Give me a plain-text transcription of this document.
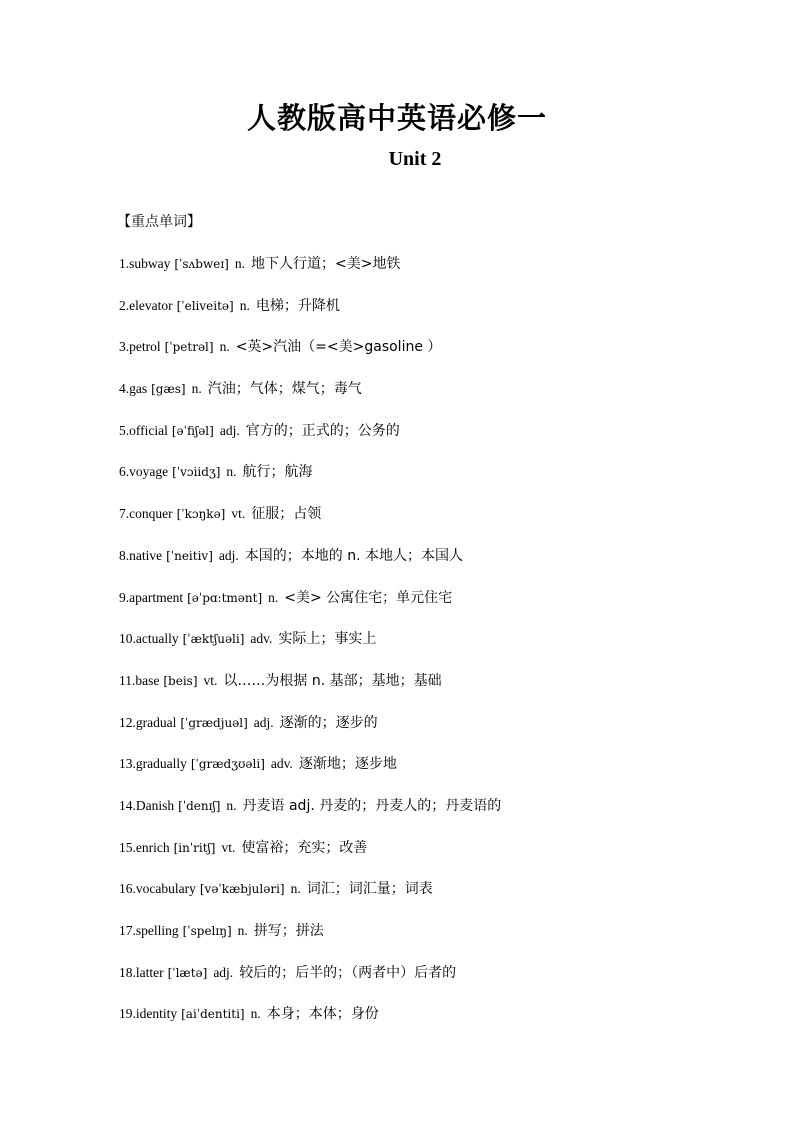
人教版高中英语必修一
Unit 2
【重点单词】
1.subway [ˈsʌbweɪ] n. 地下人行道；<美>地铁
2.elevator [ˈeliveitə] n. 电梯；升降机
3.petrol [ˈpetrəl] n. <英>汽油（=<美>gasoline ）
4.gas [gæs] n. 汽油；气体；煤气；毒气
5.official [əˈfiʃəl] adj. 官方的；正式的；公务的
6.voyage [ˈvɔiidʒ] n. 航行；航海
7.conquer [ˈkɔŋkə] vt. 征服；占领
8.native [ˈneitiv] adj. 本国的；本地的 n. 本地人；本国人
9.apartment [əˈpɑ:tmənt] n. <美> 公寓住宅；单元住宅
10.actually [ˈæktʃuəli] adv. 实际上；事实上
11.base [beis] vt. 以……为根据 n. 基部；基地；基础
12.gradual [ˈgrædjuəl] adj. 逐渐的；逐步的
13.gradually [ˈgrædʒʊəli] adv. 逐渐地；逐步地
14.Danish [ˈdenɪʃ] n. 丹麦语 adj. 丹麦的；丹麦人的；丹麦语的
15.enrich [inˈritʃ] vt. 使富裕；充实；改善
16.vocabulary [vəˈkæbjuləri] n. 词汇；词汇量；词表
17.spelling [ˈspelɪŋ] n. 拼写；拼法
18.latter [ˈlætə] adj. 较后的；后半的；（两者中）后者的
19.identity [aiˈdentiti] n. 本身；本体；身份
